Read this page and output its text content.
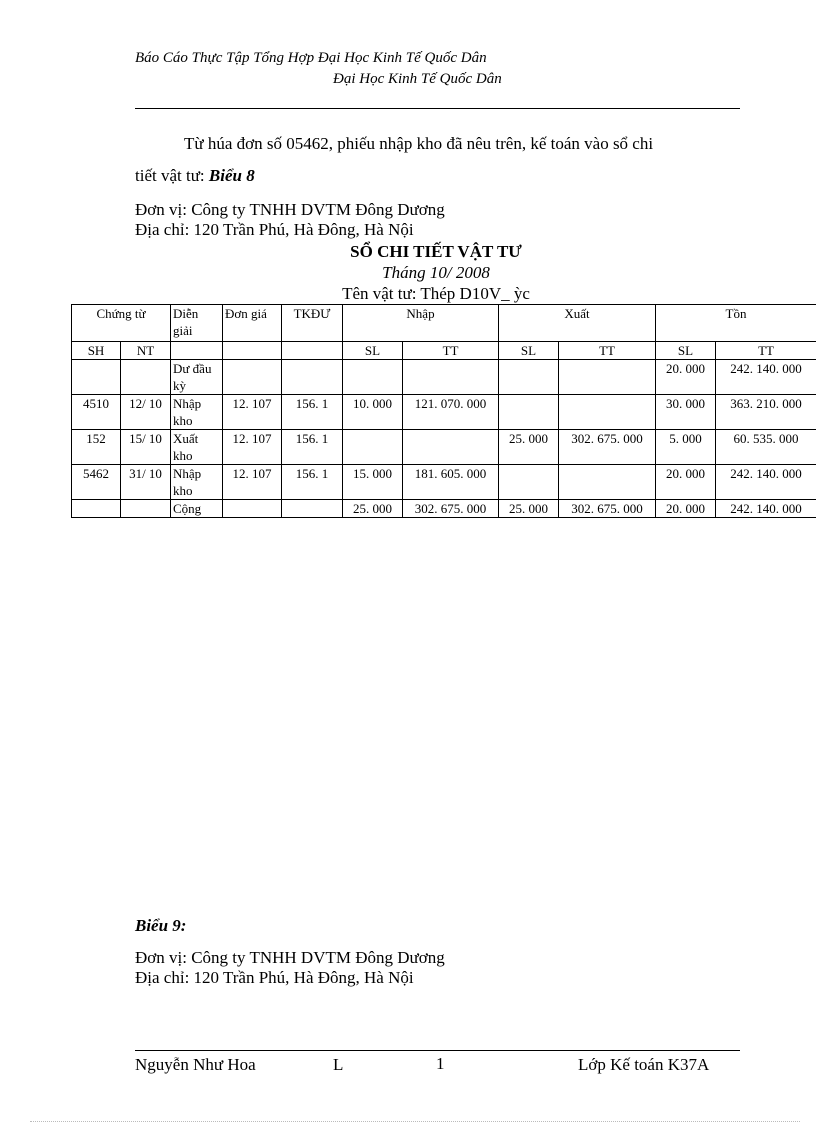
Báo Cáo Thực Tập Tổng Hợp Đại Học Kinh Tế Quốc Dân
Đại Học Kinh Tế Quốc Dân
Từ húa đơn số 05462, phiếu nhập kho đã nêu trên, kế toán vào sổ chi
tiết vật tư: Biểu 8
Đơn vị: Công ty TNHH DVTM Đông Dương
Địa chỉ: 120 Trần Phú, Hà Đông, Hà Nội
SỔ CHI TIẾT VẬT TƯ
Tháng 10/ 2008
Tên vật tư: Thép D10V_ ỳc
Chứng từ		Diễn giải	Đơn giá	TKĐƯ	Nhập		Xuất		Tồn	
SH	NT				SL	TT	SL	TT	SL	TT
		Dư đầu kỳ							20. 000	242. 140. 000
4510	12/ 10	Nhập kho	12. 107	156. 1	10. 000	121. 070. 000			30. 000	363. 210. 000
152	15/ 10	Xuất kho	12. 107	156. 1			25. 000	302. 675. 000	5. 000	60. 535. 000
5462	31/ 10	Nhập kho	12. 107	156. 1	15. 000	181. 605. 000			20. 000	242. 140. 000
		Cộng			25. 000	302. 675. 000	25. 000	302. 675. 000	20. 000	242. 140. 000
Biểu 9:
Đơn vị: Công ty TNHH DVTM Đông Dương
Địa chỉ: 120 Trần Phú, Hà Đông, Hà Nội
Nguyễn Như Hoa	L	1	Lớp Kế toán K37A
